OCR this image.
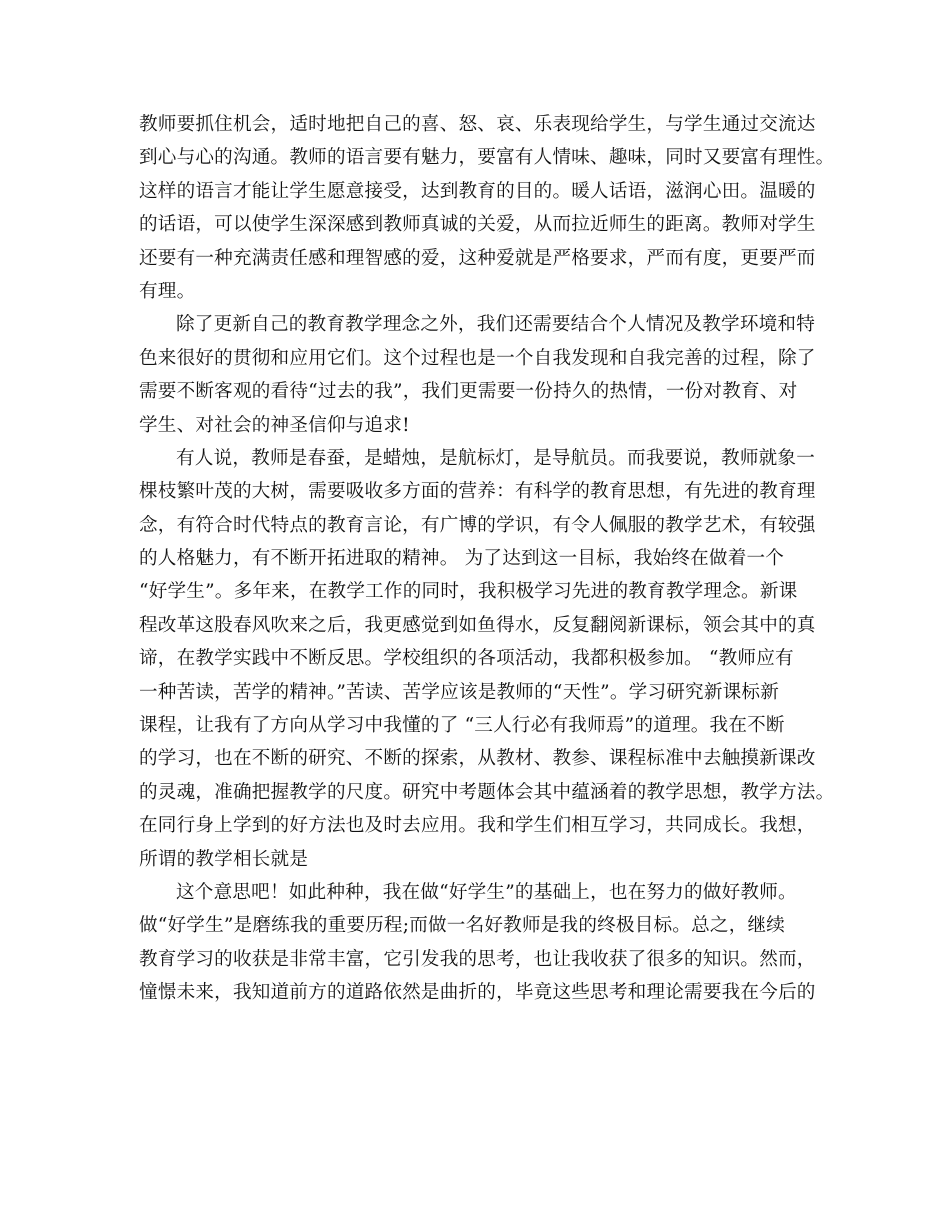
教师要抓住机会，适时地把自己的喜、怒、哀、乐表现给学生，与学生通过交流达
到心与心的沟通。教师的语言要有魅力，要富有人情味、趣味，同时又要富有理性。
这样的语言才能让学生愿意接受，达到教育的目的。暖人话语，滋润心田。温暖的
的话语，可以使学生深深感到教师真诚的关爱，从而拉近师生的距离。教师对学生
还要有一种充满责任感和理智感的爱，这种爱就是严格要求，严而有度，更要严而
有理。
除了更新自己的教育教学理念之外，我们还需要结合个人情况及教学环境和特
色来很好的贯彻和应用它们。这个过程也是一个自我发现和自我完善的过程，除了
需要不断客观的看待“过去的我”，我们更需要一份持久的热情，一份对教育、对
学生、对社会的神圣信仰与追求!
有人说，教师是春蚕，是蜡烛，是航标灯，是导航员。而我要说，教师就象一
棵枝繁叶茂的大树，需要吸收多方面的营养：有科学的教育思想，有先进的教育理
念，有符合时代特点的教育言论，有广博的学识，有令人佩服的教学艺术，有较强
的人格魅力，有不断开拓进取的精神。 为了达到这一目标，我始终在做着一个
“好学生”。多年来，在教学工作的同时，我积极学习先进的教育教学理念。新课
程改革这股春风吹来之后，我更感觉到如鱼得水，反复翻阅新课标，领会其中的真
谛，在教学实践中不断反思。学校组织的各项活动，我都积极参加。 “教师应有
一种苦读，苦学的精神。”苦读、苦学应该是教师的“天性”。学习研究新课标新
课程，让我有了方向从学习中我懂的了 “三人行必有我师焉”的道理。我在不断
的学习，也在不断的研究、不断的探索，从教材、教参、课程标准中去触摸新课改
的灵魂，准确把握教学的尺度。研究中考题体会其中蕴涵着的教学思想，教学方法。
在同行身上学到的好方法也及时去应用。我和学生们相互学习，共同成长。我想，
所谓的教学相长就是
这个意思吧！如此种种，我在做“好学生”的基础上，也在努力的做好教师。
做“好学生”是磨练我的重要历程;而做一名好教师是我的终极目标。总之，继续
教育学习的收获是非常丰富，它引发我的思考，也让我收获了很多的知识。然而，
憧憬未来，我知道前方的道路依然是曲折的，毕竟这些思考和理论需要我在今后的
